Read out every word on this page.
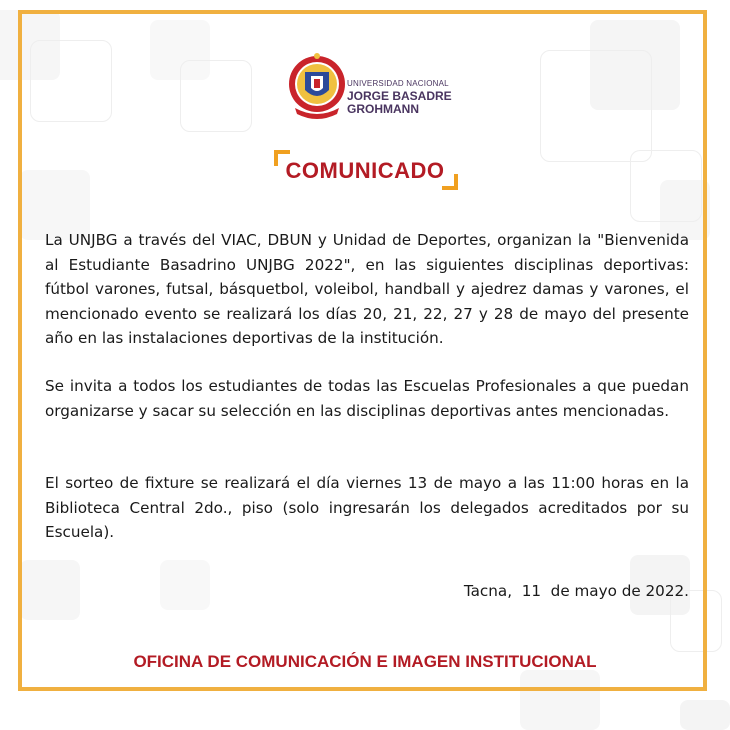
UNIVERSIDAD NACIONAL
JORGE BASADRE
GROHMANN
COMUNICADO

La UNJBG a través del VIAC, DBUN y Unidad de Deportes, organizan la "Bienvenida al Estudiante Basadrino UNJBG 2022", en las siguientes disciplinas deportivas: fútbol varones, futsal, básquetbol, voleibol, handball y ajedrez damas y varones, el mencionado evento se realizará los días 20, 21, 22, 27 y 28 de mayo del presente año en las instalaciones deportivas de la institución.

Se invita a todos los estudiantes de todas las Escuelas Profesionales a que puedan organizarse y sacar su selección en las disciplinas deportivas antes mencionadas.

El sorteo de fixture se realizará el día viernes 13 de mayo a las 11:00 horas en la Biblioteca Central 2do., piso (solo ingresarán los delegados acreditados por su Escuela).

Tacna,  11  de mayo de 2022.
OFICINA DE COMUNICACIÓN E IMAGEN INSTITUCIONAL
